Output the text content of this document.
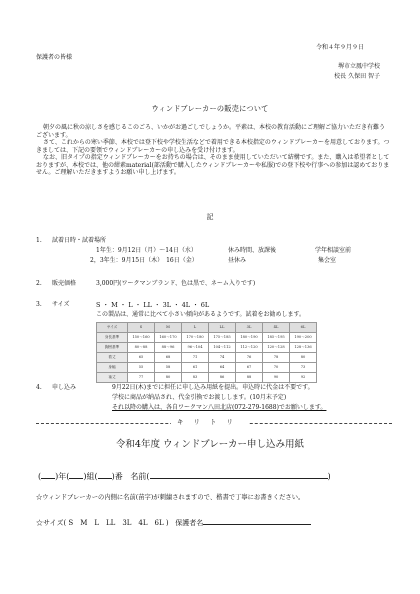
令和４年９月９日
保護者の皆様
堺市立鳳中学校
校長 久保田 智子
ウィンドブレーカーの販売について

朝夕の風に秋の涼しさを感じるこのごろ、いかがお過ごしでしょうか。平素は、本校の教育活動にご理解ご協力いただき有難うございます。

さて、これからの寒い季節、本校では登下校や学校生活などで着用できる本校指定のウィンドブレーカーを用意しております。つきましては、下記の要領でウィンドブレーカーの申し込みを受け付けます。

なお、旧タイプの指定ウィンドブレーカーをお持ちの場合は、そのまま使用していただいて結構です。また、購入は希望者としておりますが、本校では、他の紺素material(部活動で購入したウィンドブレーカーや私服)での登下校や行事への参加は認めておりません。ご理解いただきますようお願い申し上げます。

記
1. 試着日時・試着場所
1年生：9月12日（月）〜14日（水）	休み時間、放課後	学年相談室前
2，3年生：9月15日（木）　16日（金）	昼休み	集会室
2. 販売価格	3,000円(ワークマンブランド、色は黒で、ネーム入りです)
3. サイズ	S ・ M ・ L ・ LL ・ 3L ・ 4L ・ 6L
この製品は、通常に比べて小さい傾向があるようです。試着をお勧めします。
サイズ	S	M	L	LL	3L	4L	6L
身長基準	150〜160	160〜170	170〜180	175〜185	180〜190	185〜195	190〜200
胸囲基準	80〜88	88〜96	96〜104	104〜112	112〜120	120〜128	128〜136
着丈	65	68	71	74	76	78	80
身幅	55	58	61	64	67	70	73
袖丈	77	80	83	86	88	90	92
4. 申し込み	9月22日(木)までに担任に申し込み用紙を提出。申込時に代金は不要です。
学校に商品が納品され、代金引換でお渡しします。(10月末予定)
それ以降の購入は、各自ワークマン八田北店(072-279-1688)でお願いします。
キリトリ
令和4年度 ウィンドブレーカー申し込み用紙
( )年( )組( )番 名前(	)
☆ウィンドブレーカーの内側に名前(苗字)が刺繍されますので、楷書で丁寧にお書きください。
☆サイズ( S　M　L　LL　3L　4L　6L ) 保護者名
